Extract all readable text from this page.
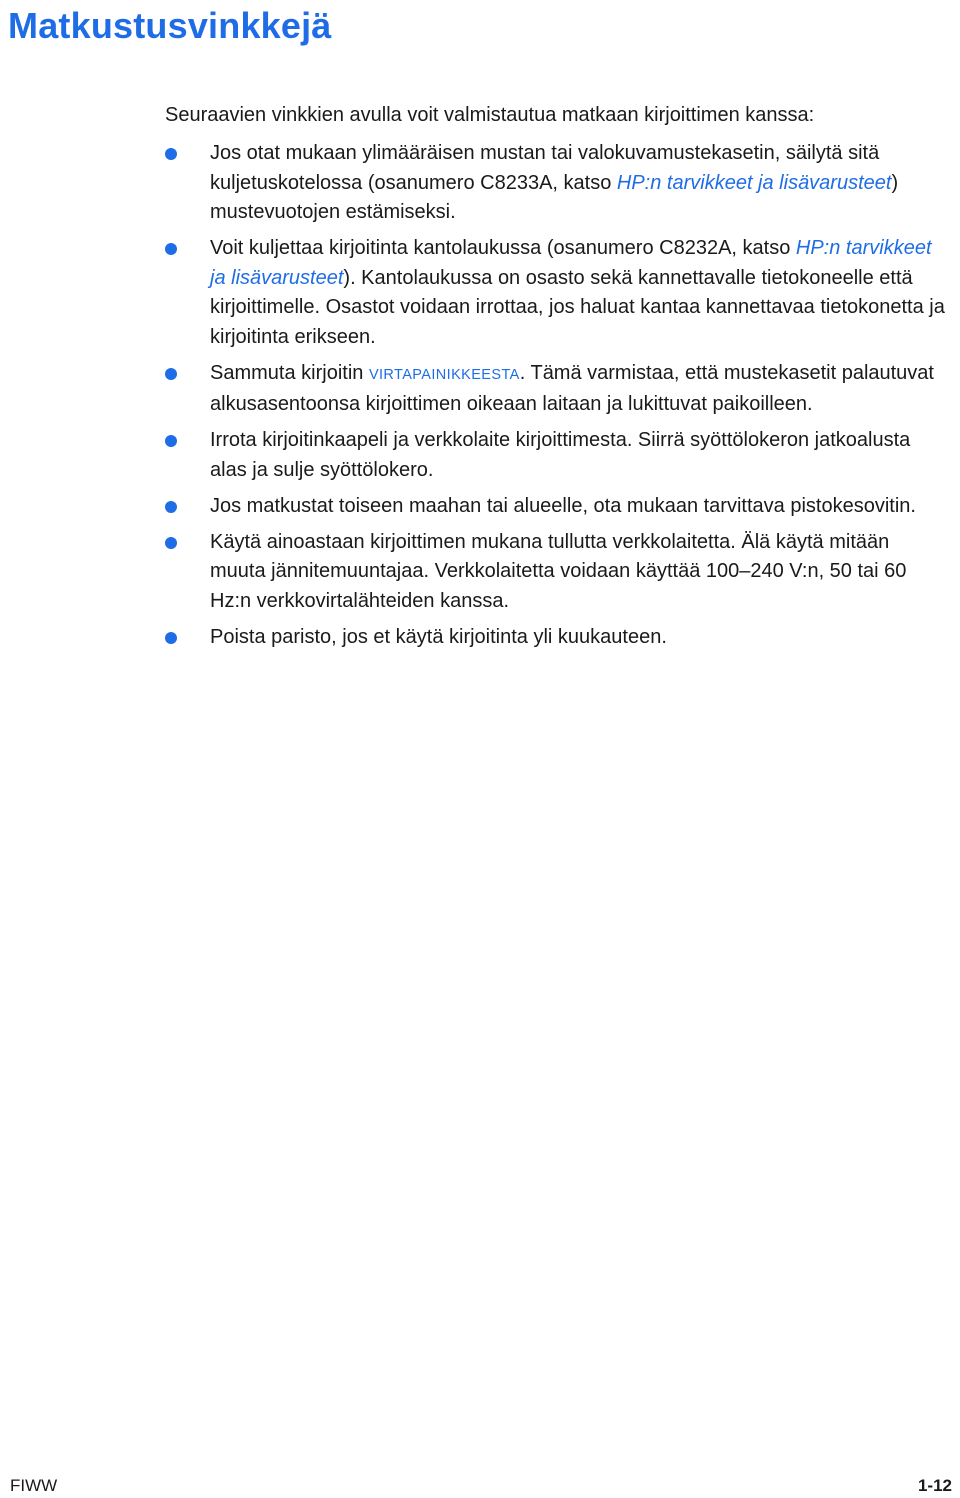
Matkustusvinkkejä

Seuraavien vinkkien avulla voit valmistautua matkaan kirjoittimen kanssa:

Jos otat mukaan ylimääräisen mustan tai valokuvamustekasetin, säilytä sitä kuljetuskotelossa (osanumero C8233A, katso HP:n tarvikkeet ja lisävarusteet) mustevuotojen estämiseksi.
Voit kuljettaa kirjoitinta kantolaukussa (osanumero C8232A, katso HP:n tarvikkeet ja lisävarusteet). Kantolaukussa on osasto sekä kannettavalle tietokoneelle että kirjoittimelle. Osastot voidaan irrottaa, jos haluat kantaa kannettavaa tietokonetta ja kirjoitinta erikseen.
Sammuta kirjoitin VIRTAPAINIKKEESTA. Tämä varmistaa, että mustekasetit palautuvat alkusasentoonsa kirjoittimen oikeaan laitaan ja lukittuvat paikoilleen.
Irrota kirjoitinkaapeli ja verkkolaite kirjoittimesta. Siirrä syöttölokeron jatkoalusta alas ja sulje syöttölokero.
Jos matkustat toiseen maahan tai alueelle, ota mukaan tarvittava pistokesovitin.
Käytä ainoastaan kirjoittimen mukana tullutta verkkolaitetta. Älä käytä mitään muuta jännitemuuntajaa. Verkkolaitetta voidaan käyttää 100–240 V:n, 50 tai 60 Hz:n verkkovirtalähteiden kanssa.
Poista paristo, jos et käytä kirjoitinta yli kuukauteen.
FIWW	1-12
